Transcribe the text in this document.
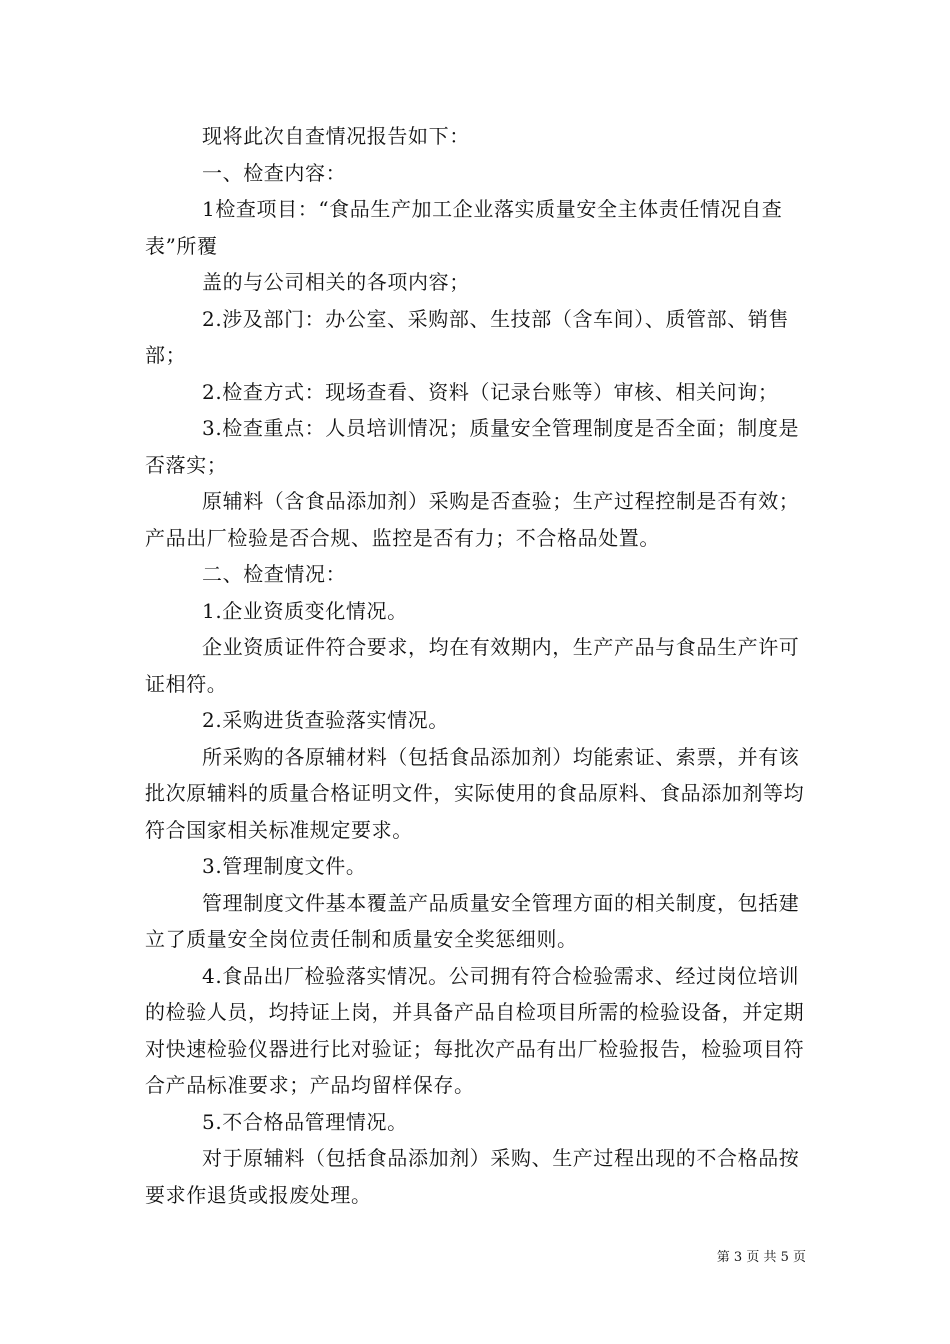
现将此次自查情况报告如下：

一、检查内容：

1检查项目：“食品生产加工企业落实质量安全主体责任情况自查表”所覆

盖的与公司相关的各项内容；

2.涉及部门：办公室、采购部、生技部（含车间）、质管部、销售部；

2.检查方式：现场查看、资料（记录台账等）审核、相关问询；

3.检查重点：人员培训情况；质量安全管理制度是否全面；制度是否落实；

原辅料（含食品添加剂）采购是否查验；生产过程控制是否有效；产品出厂检验是否合规、监控是否有力；不合格品处置。

二、检查情况：

1.企业资质变化情况。

企业资质证件符合要求，均在有效期内，生产产品与食品生产许可证相符。

2.采购进货查验落实情况。

所采购的各原辅材料（包括食品添加剂）均能索证、索票，并有该批次原辅料的质量合格证明文件，实际使用的食品原料、食品添加剂等均符合国家相关标准规定要求。

3.管理制度文件。

管理制度文件基本覆盖产品质量安全管理方面的相关制度，包括建立了质量安全岗位责任制和质量安全奖惩细则。

4.食品出厂检验落实情况。公司拥有符合检验需求、经过岗位培训的检验人员，均持证上岗，并具备产品自检项目所需的检验设备，并定期对快速检验仪器进行比对验证；每批次产品有出厂检验报告，检验项目符合产品标准要求；产品均留样保存。

5.不合格品管理情况。

对于原辅料（包括食品添加剂）采购、生产过程出现的不合格品按要求作退货或报废处理。

第 3 页 共 5 页
